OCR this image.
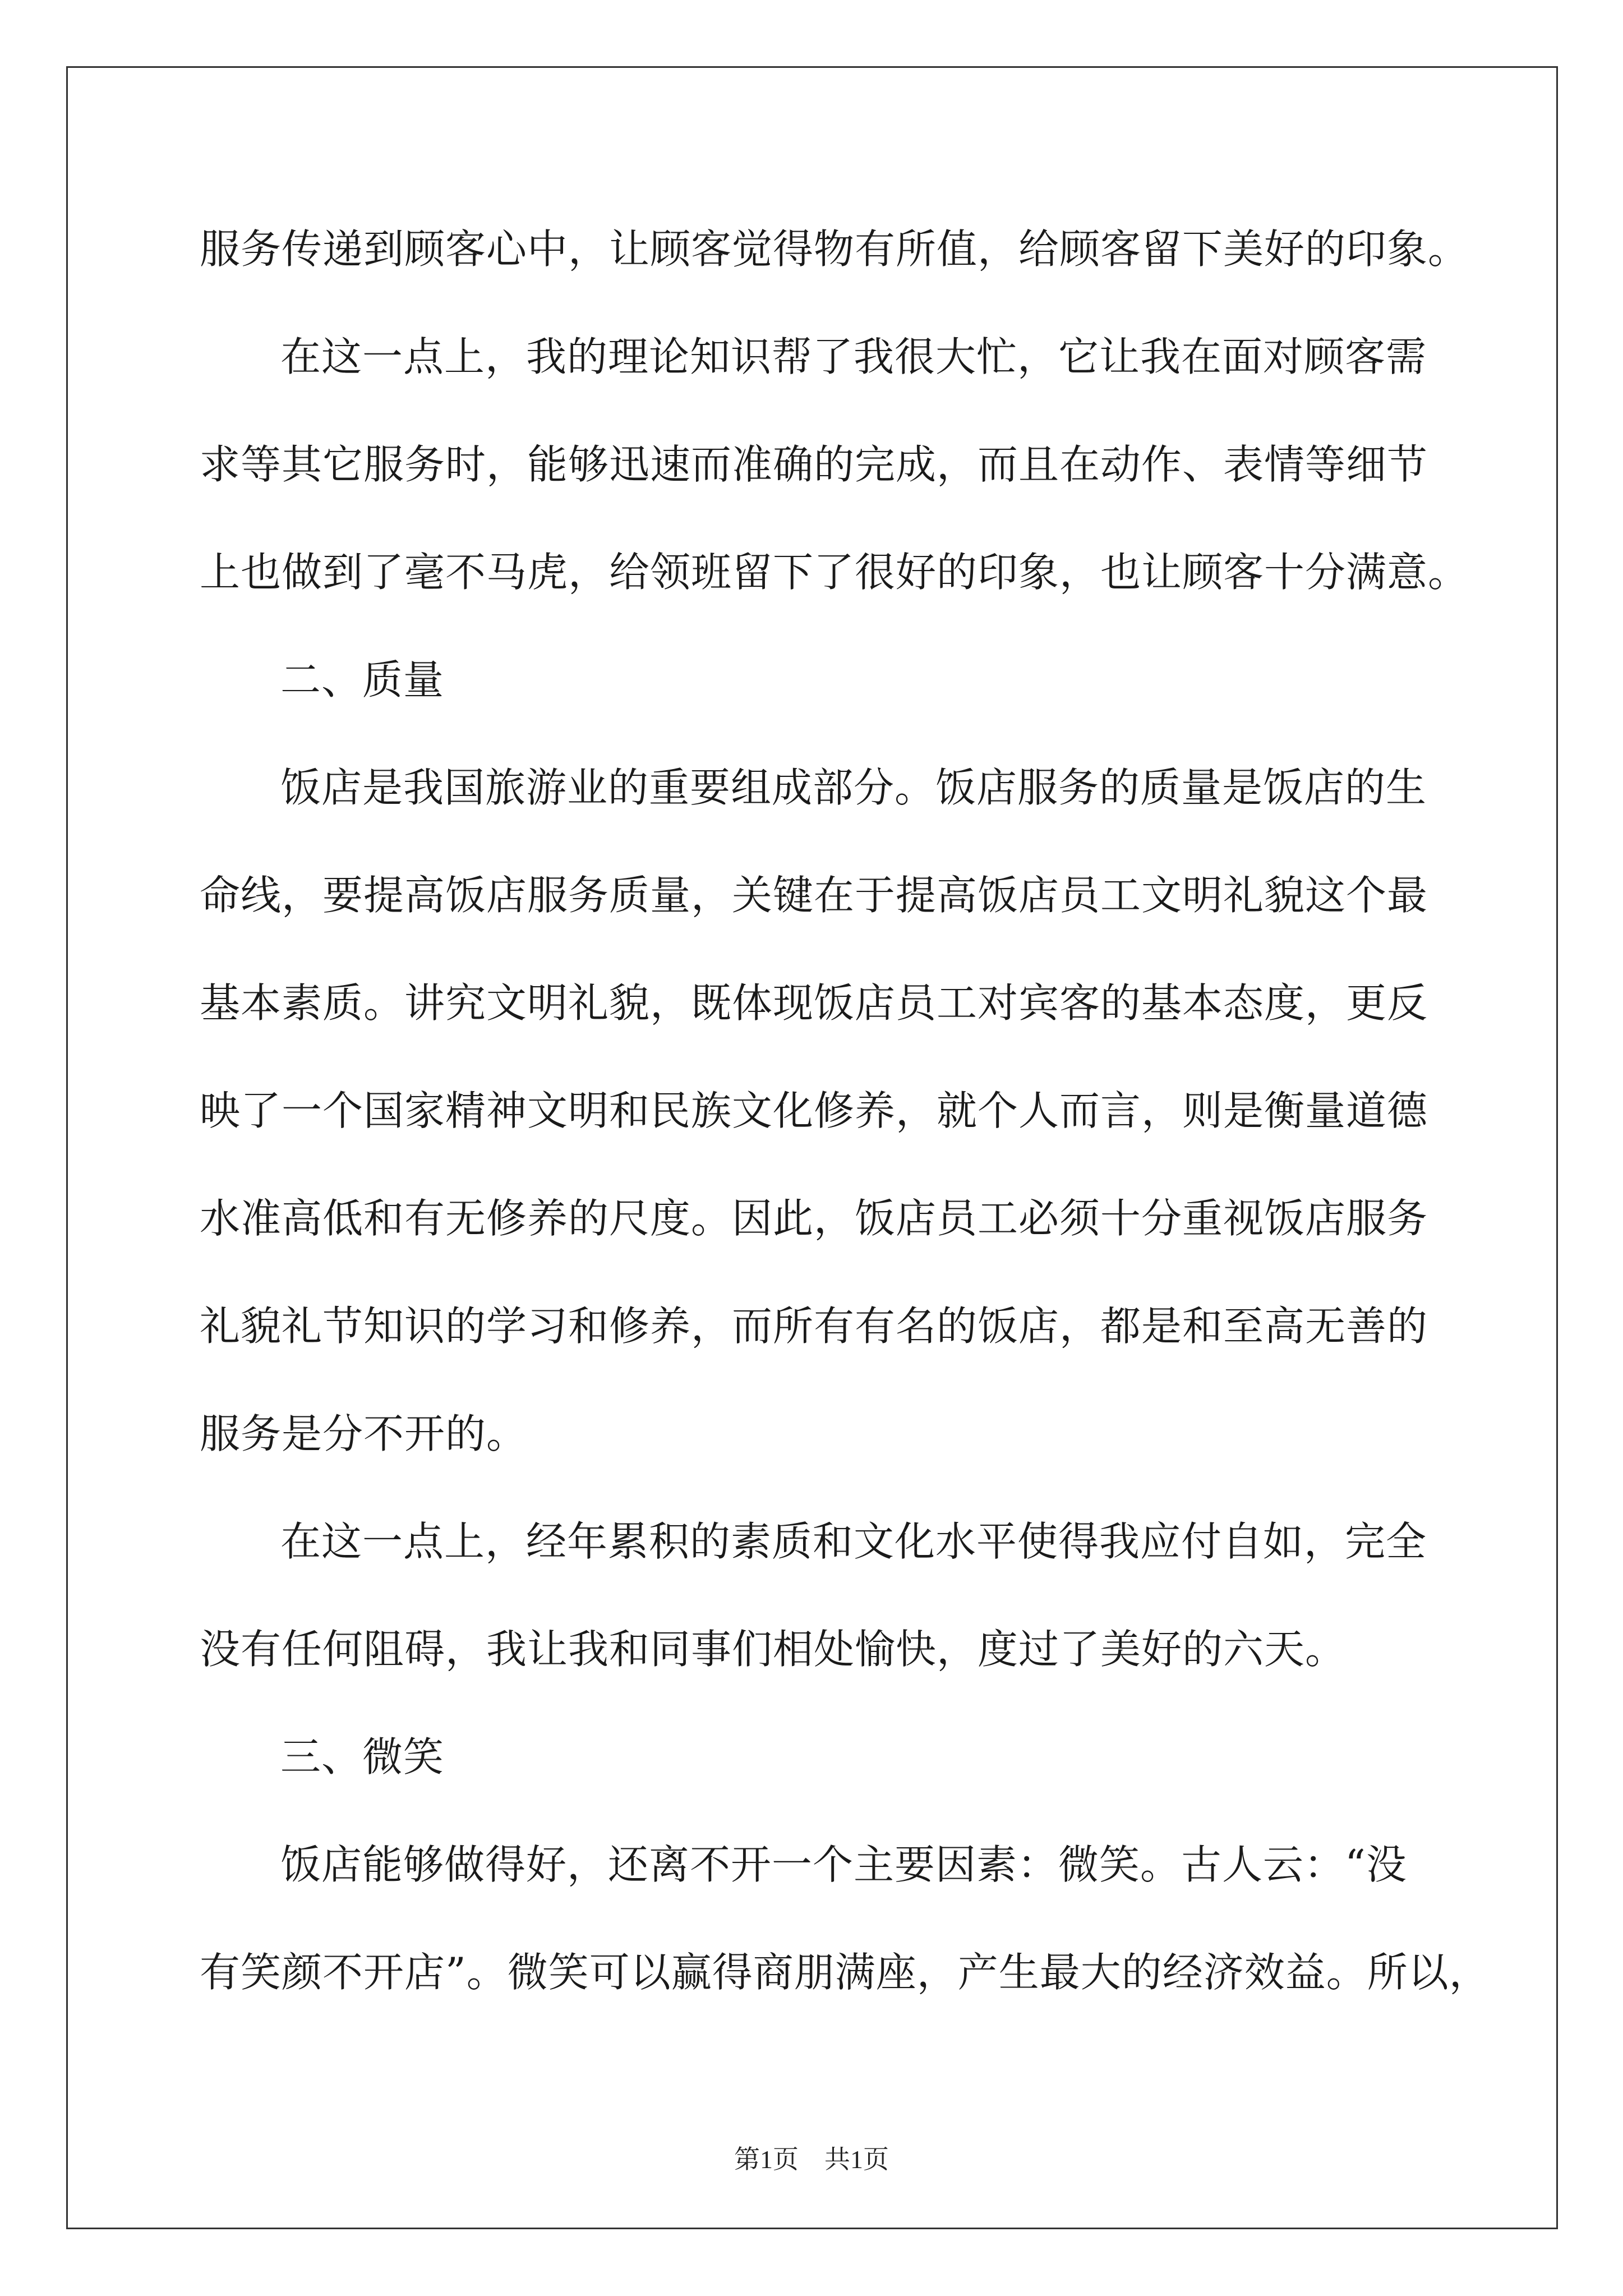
服务传递到顾客心中，让顾客觉得物有所值，给顾客留下美好的印象。
在这一点上，我的理论知识帮了我很大忙，它让我在面对顾客需
求等其它服务时，能够迅速而准确的完成，而且在动作、表情等细节
上也做到了毫不马虎，给领班留下了很好的印象，也让顾客十分满意。
二、质量
饭店是我国旅游业的重要组成部分。饭店服务的质量是饭店的生
命线，要提高饭店服务质量，关键在于提高饭店员工文明礼貌这个最
基本素质。讲究文明礼貌，既体现饭店员工对宾客的基本态度，更反
映了一个国家精神文明和民族文化修养，就个人而言，则是衡量道德
水准高低和有无修养的尺度。因此，饭店员工必须十分重视饭店服务
礼貌礼节知识的学习和修养，而所有有名的饭店，都是和至高无善的
服务是分不开的。
在这一点上，经年累积的素质和文化水平使得我应付自如，完全
没有任何阻碍，我让我和同事们相处愉快，度过了美好的六天。
三、微笑
饭店能够做得好，还离不开一个主要因素：微笑。古人云：“没
有笑颜不开店”。微笑可以赢得商朋满座，产生最大的经济效益。所以，
第1页　共1页
